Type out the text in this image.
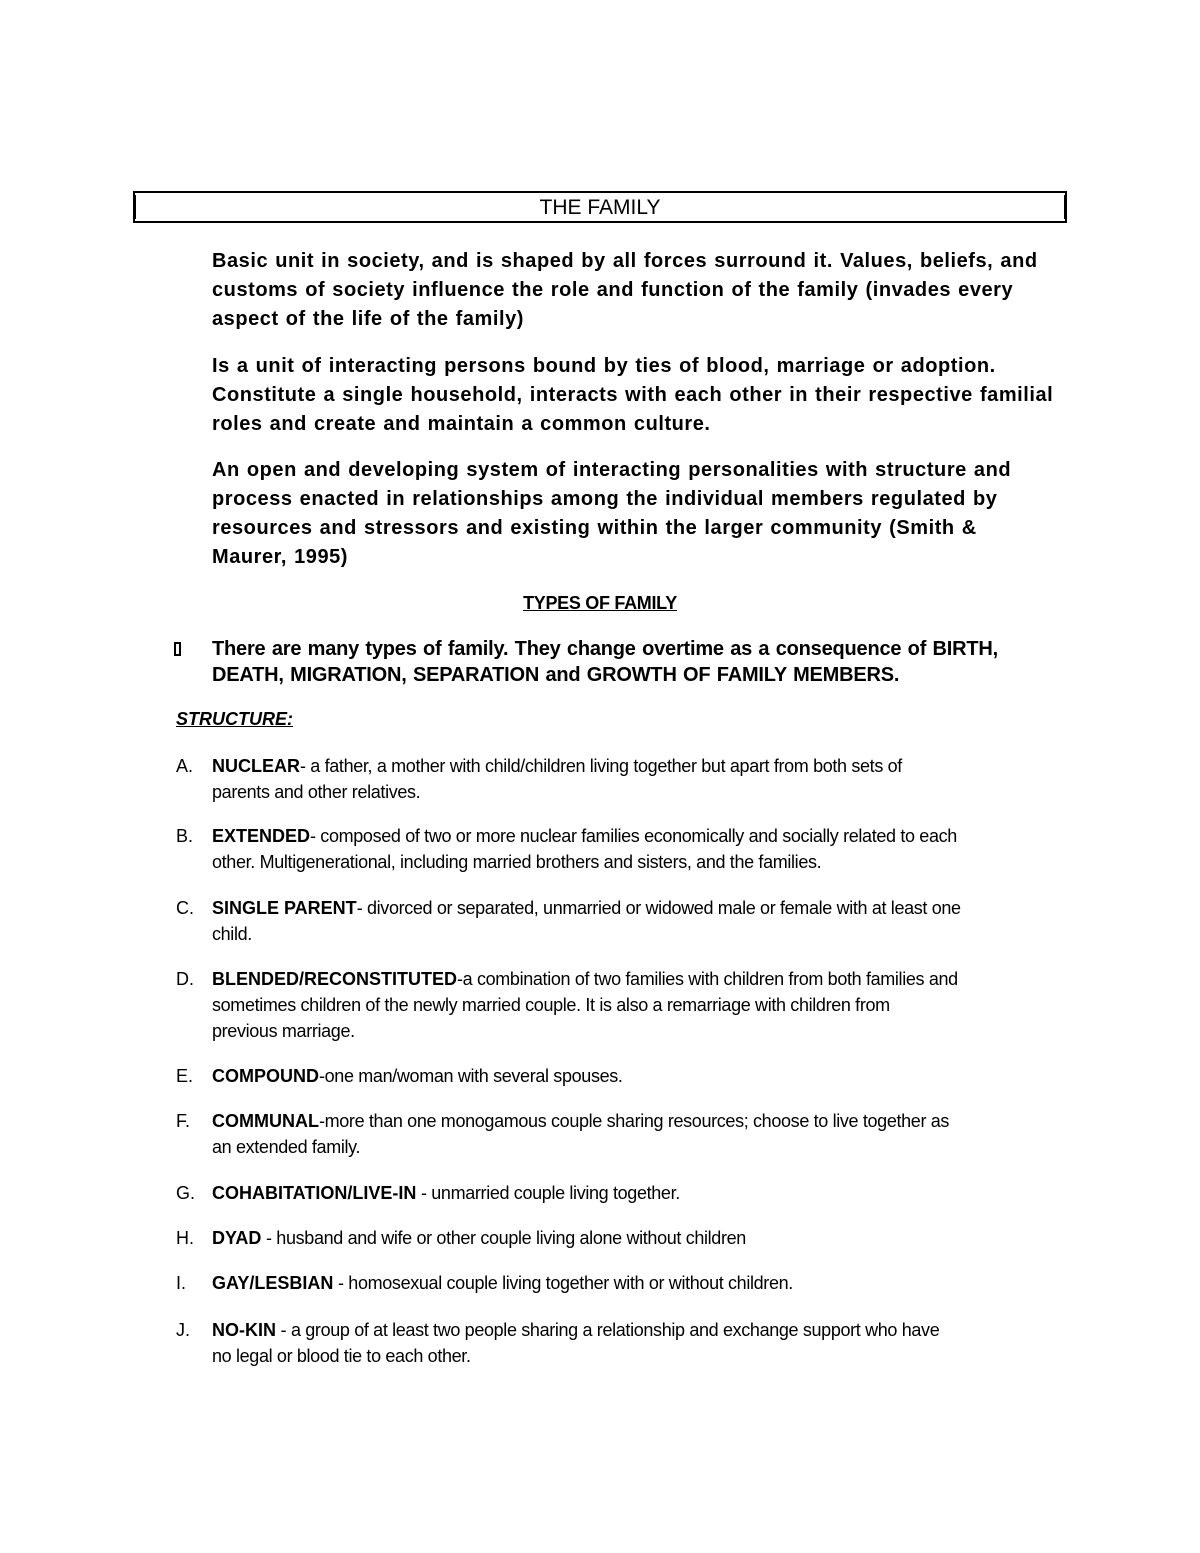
THE FAMILY
Basic unit in society, and is shaped by all forces surround it. Values, beliefs, and
customs of society influence the role and function of the family (invades every
aspect of the life of the family)
Is a unit of interacting persons bound by ties of blood, marriage or adoption.
Constitute a single household, interacts with each other in their respective familial
roles and create and maintain a common culture.
An open and developing system of interacting personalities with structure and
process enacted in relationships among the individual members regulated by
resources and stressors and existing within the larger community (Smith &
Maurer, 1995)
TYPES OF FAMILY
There are many types of family. They change overtime as a consequence of BIRTH,
DEATH, MIGRATION, SEPARATION and GROWTH OF FAMILY MEMBERS.
STRUCTURE:
A. NUCLEAR- a father, a mother with child/children living together but apart from both sets of
parents and other relatives.
B. EXTENDED- composed of two or more nuclear families economically and socially related to each
other. Multigenerational, including married brothers and sisters, and the families.
C. SINGLE PARENT- divorced or separated, unmarried or widowed male or female with at least one
child.
D. BLENDED/RECONSTITUTED-a combination of two families with children from both families and
sometimes children of the newly married couple. It is also a remarriage with children from
previous marriage.
E. COMPOUND-one man/woman with several spouses.
F. COMMUNAL-more than one monogamous couple sharing resources; choose to live together as
an extended family.
G. COHABITATION/LIVE-IN - unmarried couple living together.
H. DYAD - husband and wife or other couple living alone without children
I. GAY/LESBIAN - homosexual couple living together with or without children.
J. NO-KIN - a group of at least two people sharing a relationship and exchange support who have
no legal or blood tie to each other.
